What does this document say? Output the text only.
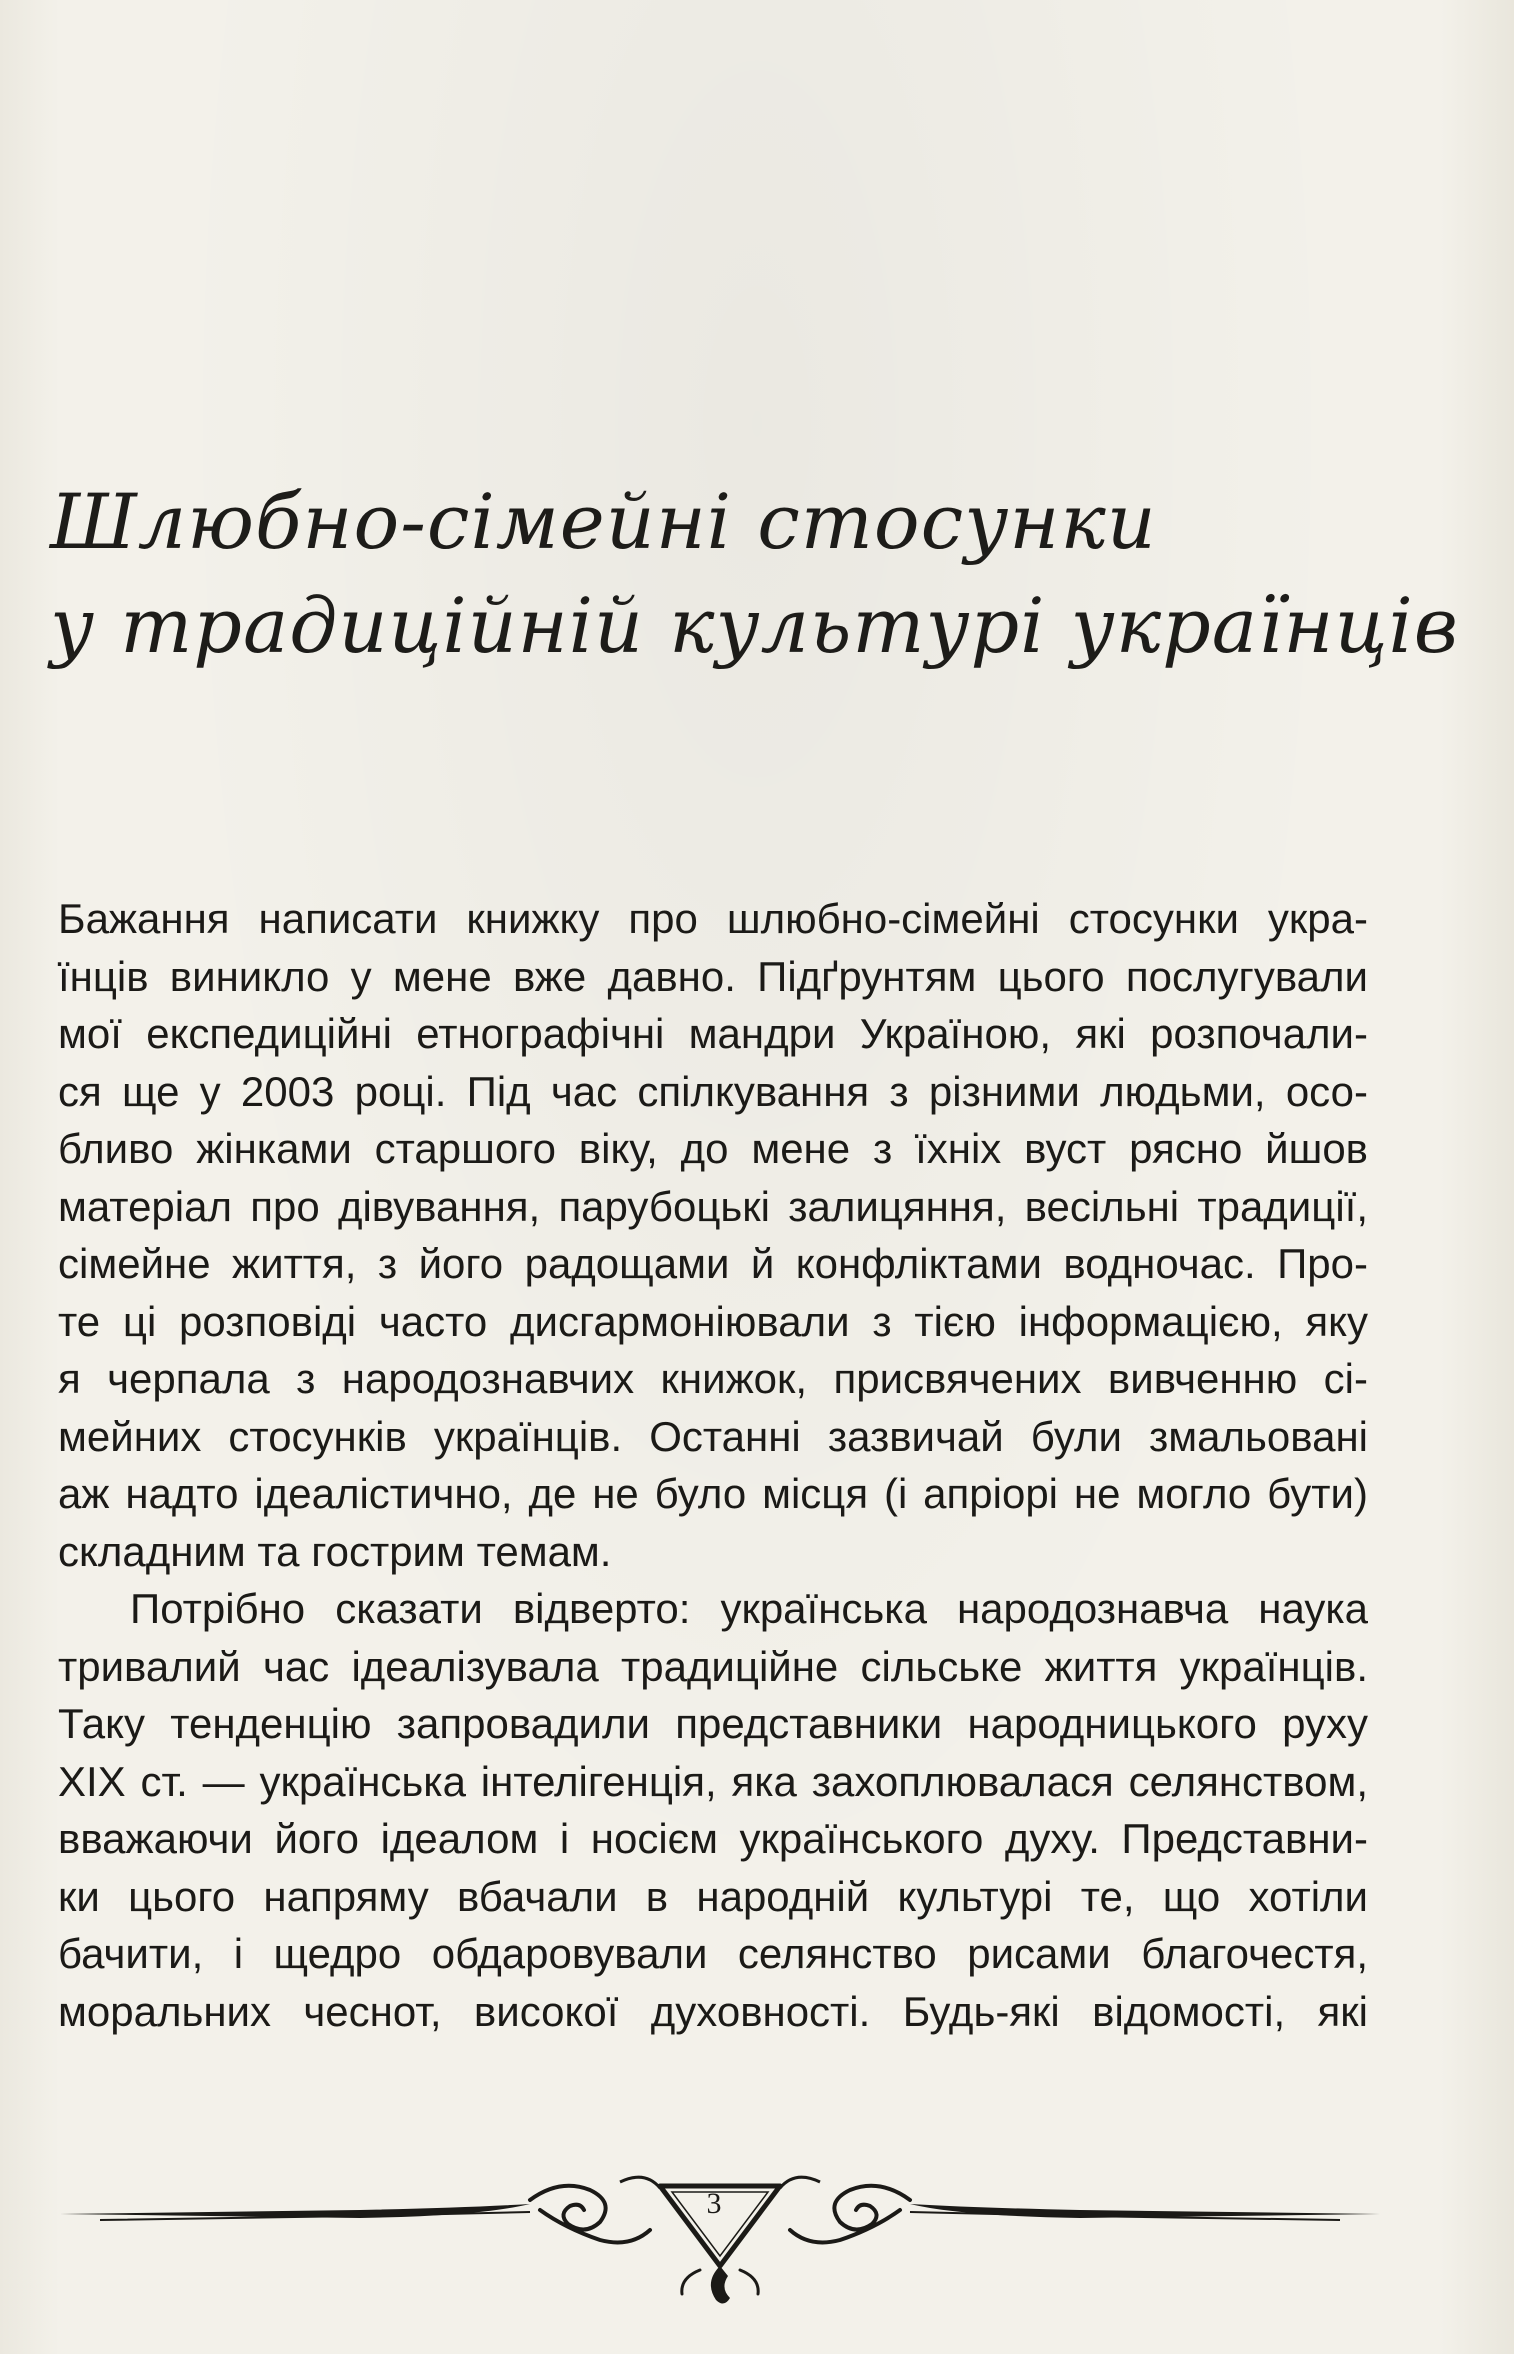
Шлюбно-сімейні стосунки
у традиційній культурі українців
Бажання написати книжку про шлюбно-сімейні стосунки укра-
їнців виникло у мене вже давно. Підґрунтям цього послугували
мої експедиційні етнографічні мандри Україною, які розпочали-
ся ще у 2003 році. Під час спілкування з різними людьми, осо-
бливо жінками старшого віку, до мене з їхніх вуст рясно йшов
матеріал про дівування, парубоцькі залицяння, весільні традиції,
сімейне життя, з його радощами й конфліктами водночас. Про-
те ці розповіді часто дисгармоніювали з тією інформацією, яку
я черпала з народознавчих книжок, присвячених вивченню сі-
мейних стосунків українців. Останні зазвичай були змальовані
аж надто ідеалістично, де не було місця (і апріорі не могло бути)
складним та гострим темам.
Потрібно сказати відверто: українська народознавча наука
тривалий час ідеалізувала традиційне сільське життя українців.
Таку тенденцію запровадили представники народницького руху
XIX ст. — українська інтелігенція, яка захоплювалася селянством,
вважаючи його ідеалом і носієм українського духу. Представни-
ки цього напряму вбачали в народній культурі те, що хотіли
бачити, і щедро обдаровували селянство рисами благочестя,
моральних чеснот, високої духовності. Будь-які відомості, які
3
